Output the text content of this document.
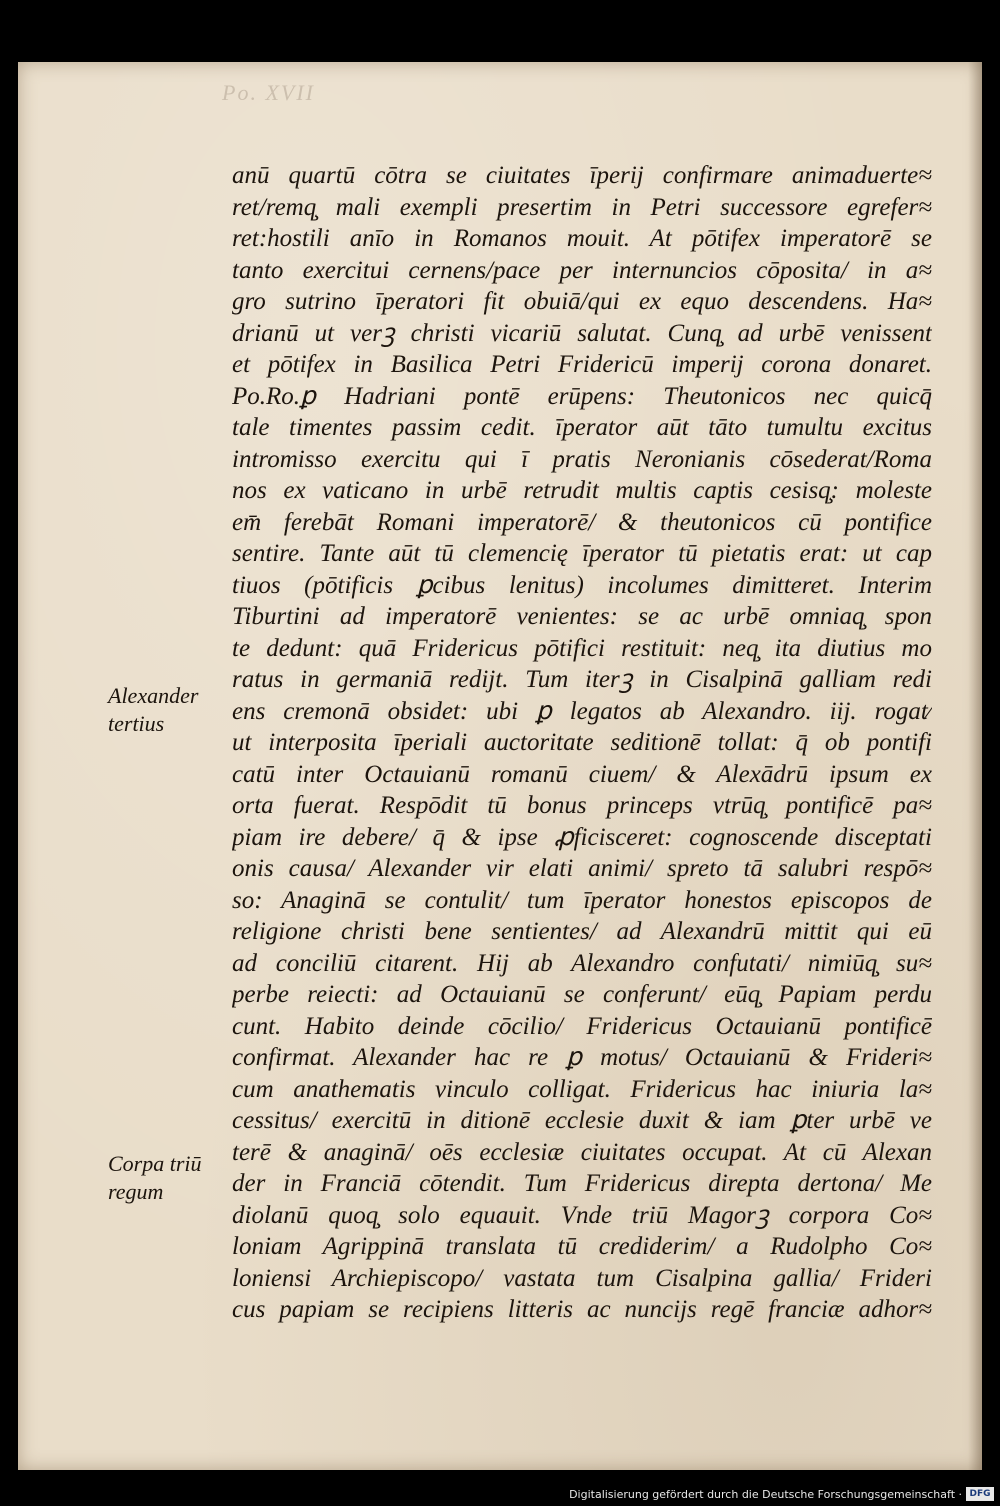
Po. XVII
anū quartū cōtra se ciuitates īperij confirmare animaduerte≈
ret/remq̧ mali exempli presertim in Petri successore egrefer≈
ret:hostili anīo in Romanos mouit. At pōtifex imperatorē se
tanto exercitui cernens/pace per internuncios cōposita/ in a≈
gro sutrino īperatori fit obuiā/qui ex equo descendens. Ha≈
drianū ut verꝫ christi vicariū salutat. Cunq̧ ad urbē venissent
et pōtifex in Basilica Petri Fridericū imperij corona donaret.
Po.Ro.ꝑ Hadriani pontē erūpens: Theutonicos nec quicq̄
tale timentes passim cedit. īperator aūt tāto tumultu excitus
intromisso exercitu qui ī pratis Neronianis cōsederat/Roma
nos ex vaticano in urbē retrudit multis captis cesisq̧: moleste
em̄ ferebāt Romani imperatorē/ & theutonicos cū pontifice
sentire. Tante aūt tū clemencię īperator tū pietatis erat: ut cap
tiuos (pōtificis ꝑcibus lenitus) incolumes dimitteret. Interim
Tiburtini ad imperatorē venientes: se ac urbē omniaq̧ spon
te dedunt: quā Fridericus pōtifici restituit: neq̧ ita diutius mo
ratus in germaniā redijt. Tum iterꝫ in Cisalpinā galliam redi
ens cremonā obsidet: ubi ꝑ legatos ab Alexandro. iij. rogat⁄
ut interposita īperiali auctoritate seditionē tollat: q̄ ob pontifi
catū inter Octauianū romanū ciuem/ & Alexādrū ipsum ex
orta fuerat. Respōdit tū bonus princeps vtrūq̧ pontificē pa≈
piam ire debere/ q̄ & ipse ꝓficisceret: cognoscende disceptati
onis causa/ Alexander vir elati animi/ spreto tā salubri respō≈
so: Anaginā se contulit/ tum īperator honestos episcopos de
religione christi bene sentientes/ ad Alexandrū mittit qui eū
ad conciliū citarent. Hij ab Alexandro confutati/ nimiūq̧ su≈
perbe reiecti: ad Octauianū se conferunt/ eūq̧ Papiam perdu
cunt. Habito deinde cōcilio/ Fridericus Octauianū pontificē
confirmat. Alexander hac re ꝑ motus/ Octauianū & Frideri≈
cum anathematis vinculo colligat. Fridericus hac iniuria la≈
cessitus/ exercitū in ditionē ecclesie duxit & iam ꝑter urbē ve
terē & anaginā/ oēs ecclesiæ ciuitates occupat. At cū Alexan
der in Franciā cōtendit. Tum Fridericus direpta dertona/ Me
diolanū quoq̧ solo equauit. Vnde triū Magorꝫ corpora Co≈
loniam Agrippinā translata tū crediderim/ a Rudolpho Co≈
loniensi Archiepiscopo/ vastata tum Cisalpina gallia/ Frideri
cus papiam se recipiens litteris ac nuncijs regē franciæ adhor≈
Alexander
tertius
Corpa triū
regum
Digitalisierung gefördert durch die Deutsche Forschungsgemeinschaft · DFG
